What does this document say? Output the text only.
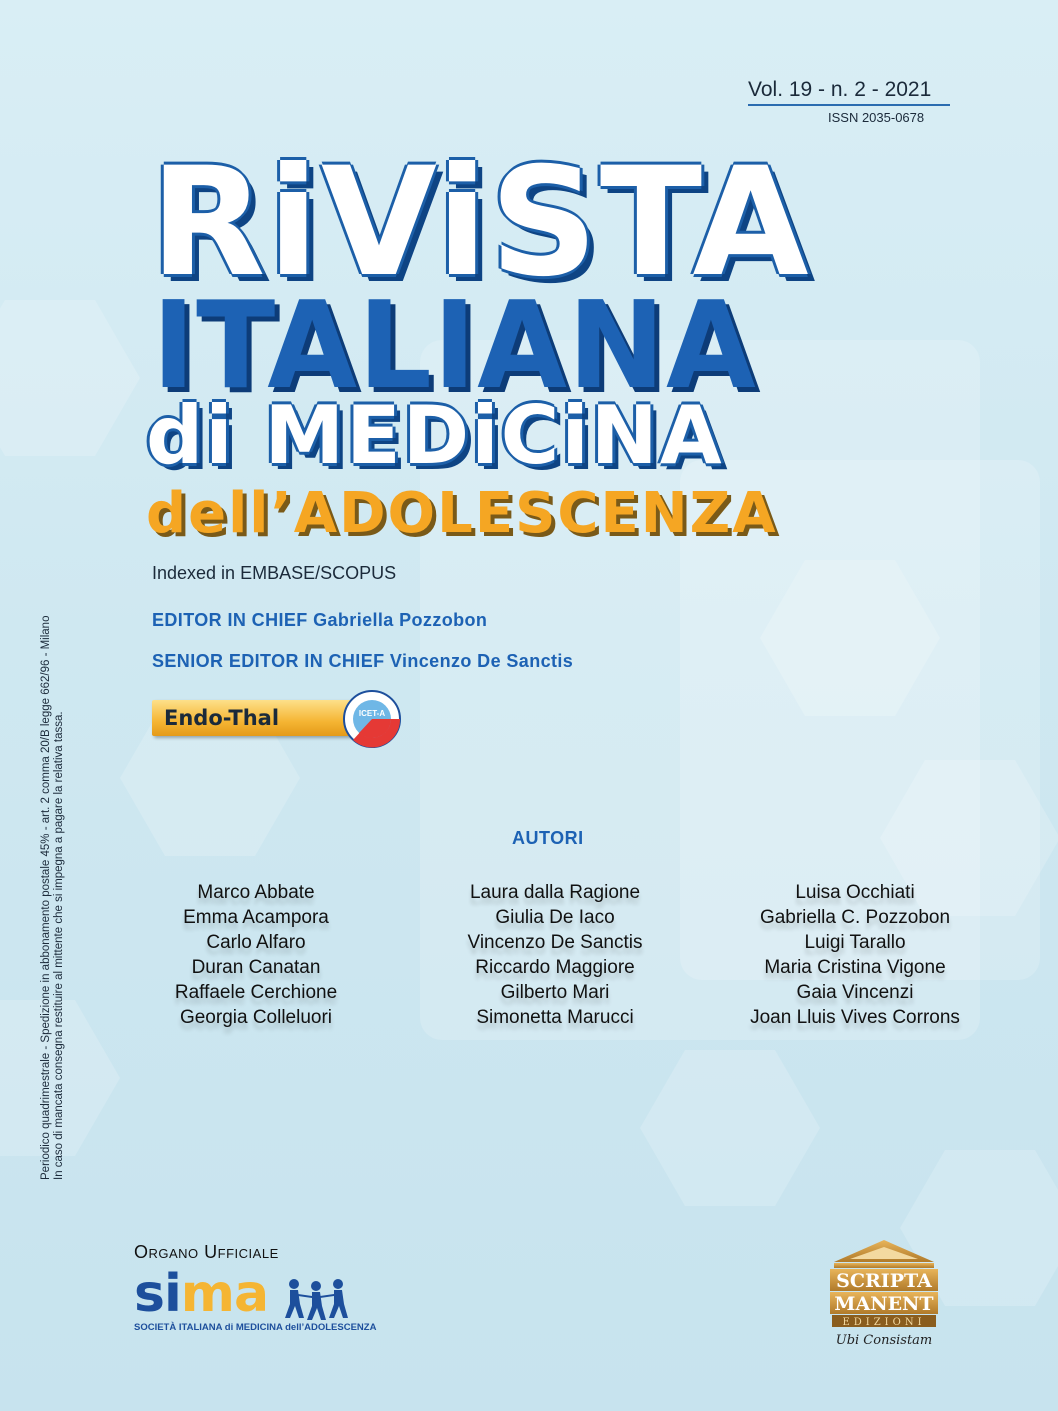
Vol. 19 - n. 2 - 2021
ISSN 2035-0678
RiViSTA
ITALIANA
di MEDiCiNA
dell’ADOLESCENZA
Indexed in EMBASE/SCOPUS
EDITOR IN CHIEF Gabriella Pozzobon
SENIOR EDITOR IN CHIEF Vincenzo De Sanctis
Endo-Thal	ICET-A
Periodico quadrimestrale - Spedizione in abbonamento postale 45% - art. 2 comma 20/B legge 662/96 - Milano In caso di mancata consegna restituire al mittente che si impegna a pagare la relativa tassa.	AUTORI
Marco Abbate
Emma Acampora
Carlo Alfaro
Duran Canatan
Raffaele Cerchione
Georgia Colleluori
Laura dalla Ragione
Giulia De Iaco
Vincenzo De Sanctis
Riccardo Maggiore
Gilberto Mari
Simonetta Marucci
Luisa Occhiati
Gabriella C. Pozzobon
Luigi Tarallo
Maria Cristina Vigone
Gaia Vincenzi
Joan Lluis Vives Corrons
Organo Ufficiale
sima
SOCIETÀ ITALIANA di MEDICINA dell’ADOLESCENZA
SCRIPTA
MANENT
EDIZIONI
Ubi Consistam
